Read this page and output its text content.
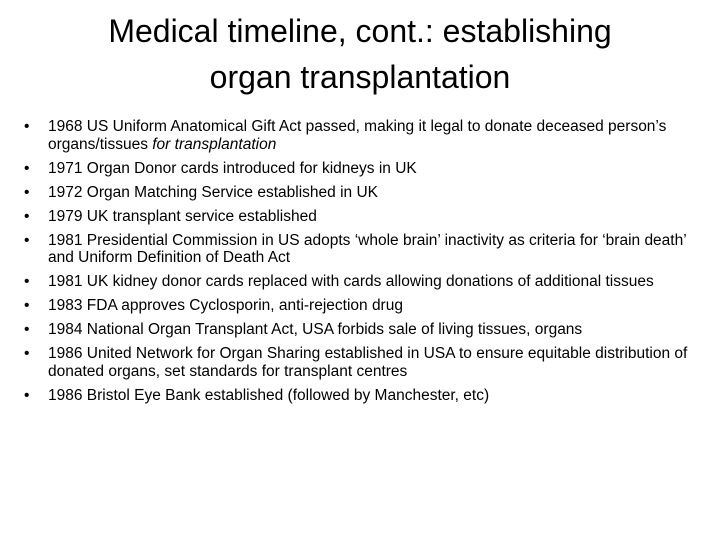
Medical timeline, cont.: establishing
organ transplantation
• 1968 US Uniform Anatomical Gift Act passed, making it legal to donate deceased person’s organs/tissues for transplantation
• 1971 Organ Donor cards introduced for kidneys in UK
• 1972 Organ Matching Service established in UK
• 1979 UK transplant service established
• 1981 Presidential Commission in US adopts ‘whole brain’ inactivity as criteria for ‘brain death’ and Uniform Definition of Death Act
• 1981 UK kidney donor cards replaced with cards allowing donations of additional tissues
• 1983 FDA approves Cyclosporin, anti-rejection drug
• 1984 National Organ Transplant Act, USA forbids sale of living tissues, organs
• 1986 United Network for Organ Sharing established in USA to ensure equitable distribution of donated organs, set standards for transplant centres
• 1986 Bristol Eye Bank established (followed by Manchester, etc)
